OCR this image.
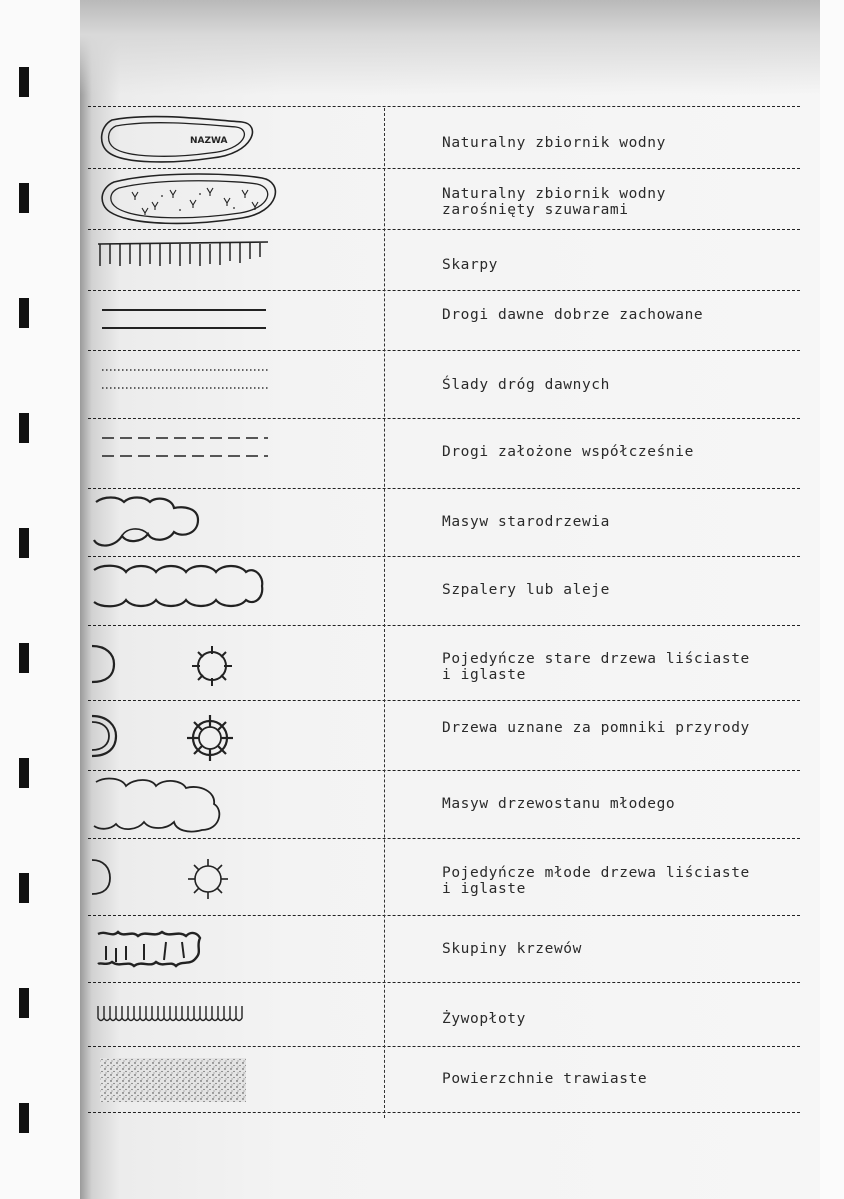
NAZWA	Naturalny zbiornik wodny
Naturalny zbiornik wodny
zarośnięty szuwarami
Skarpy
Drogi dawne dobrze zachowane
Ślady dróg dawnych
Drogi założone współcześnie
Masyw starodrzewia
Szpalery lub aleje
Pojedyńcze stare drzewa liściaste
i iglaste
Drzewa uznane za pomniki przyrody
Masyw drzewostanu młodego
Pojedyńcze młode drzewa liściaste
i iglaste
Skupiny krzewów
Żywopłoty
Powierzchnie trawiaste
